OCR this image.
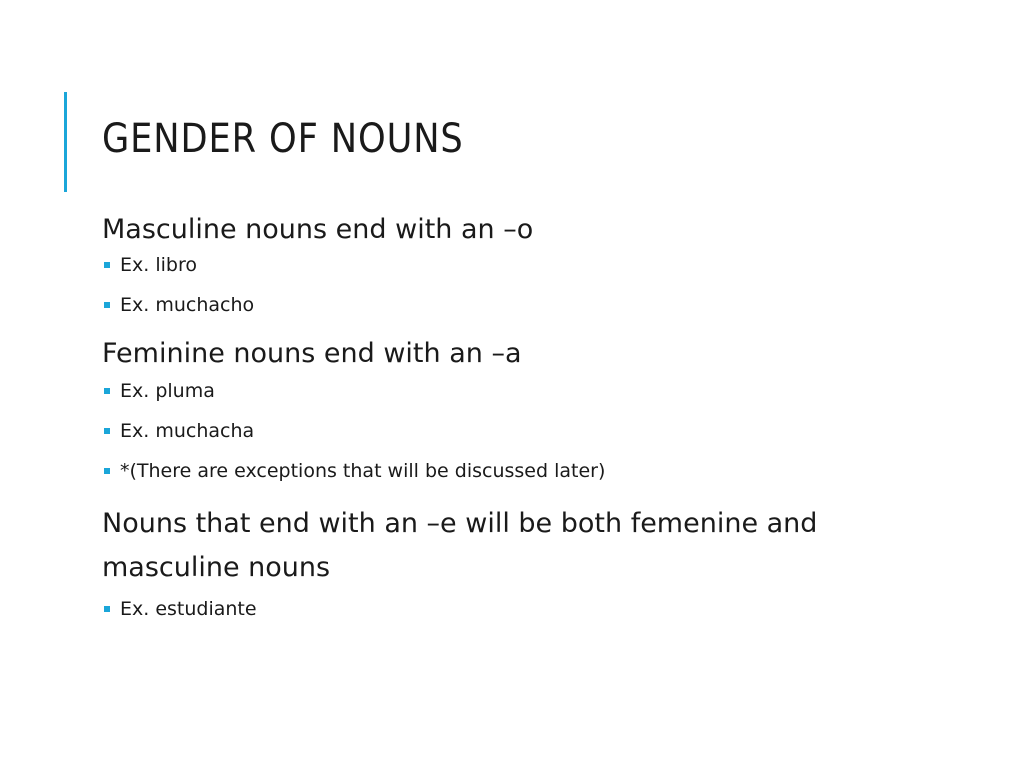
GENDER OF NOUNS

Masculine nouns end with an –o

Ex. libro
Ex. muchacho

Feminine nouns end with an –a

Ex. pluma
Ex. muchacha
*(There are exceptions that will be discussed later)

Nouns that end with an –e will be both femenine and masculine nouns

Ex. estudiante
